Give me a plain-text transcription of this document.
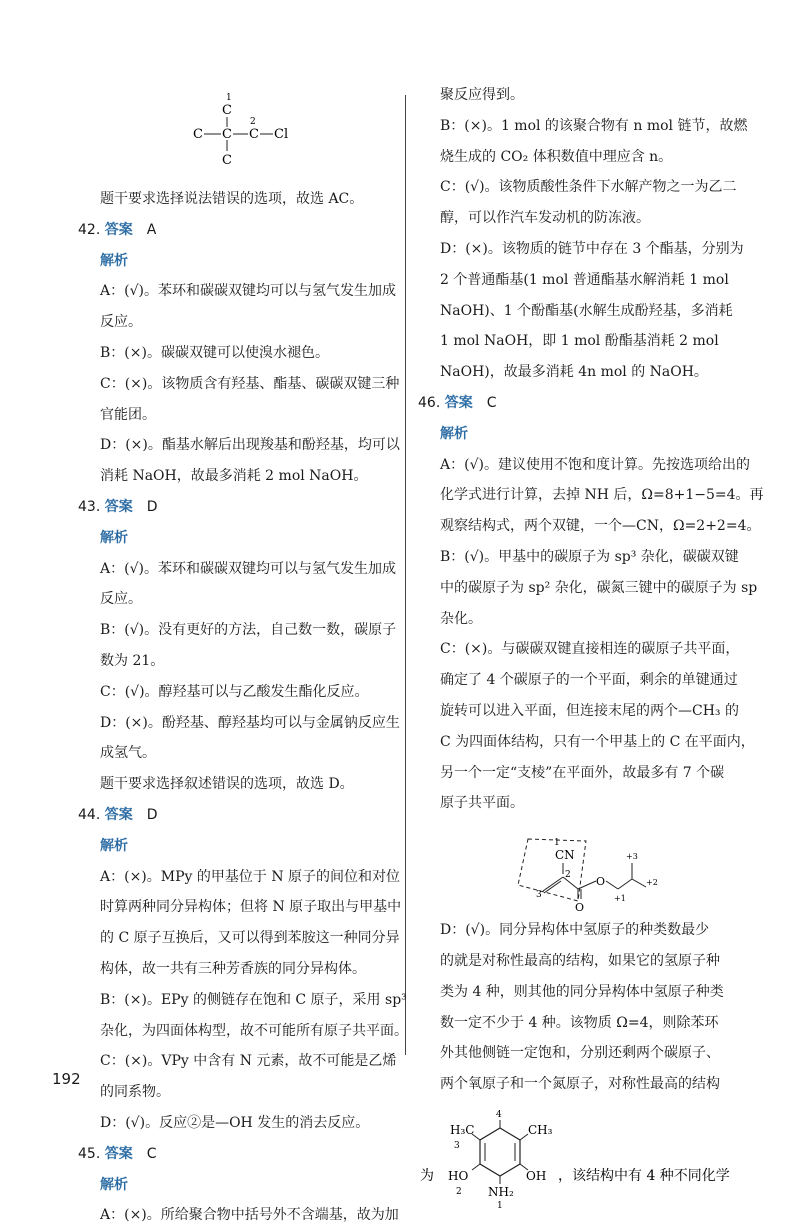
1
C
C C
2
C Cl
C
题干要求选择说法错误的选项，故选 AC。
42. 答案  A
解析
A：(√)。苯环和碳碳双键均可以与氢气发生加成
反应。
B：(×)。碳碳双键可以使溴水褪色。
C：(×)。该物质含有羟基、酯基、碳碳双键三种
官能团。
D：(×)。酯基水解后出现羧基和酚羟基，均可以
消耗 NaOH，故最多消耗 2 mol NaOH。
43. 答案  D
解析
A：(√)。苯环和碳碳双键均可以与氢气发生加成
反应。
B：(√)。没有更好的方法，自己数一数，碳原子
数为 21。
C：(√)。醇羟基可以与乙酸发生酯化反应。
D：(×)。酚羟基、醇羟基均可以与金属钠反应生
成氢气。
题干要求选择叙述错误的选项，故选 D。
44. 答案  D
解析
A：(×)。MPy 的甲基位于 N 原子的间位和对位
时算两种同分异构体；但将 N 原子取出与甲基中
的 C 原子互换后，又可以得到苯胺这一种同分异
构体，故一共有三种芳香族的同分异构体。
B：(×)。EPy 的侧链存在饱和 C 原子，采用 sp³
杂化，为四面体构型，故不可能所有原子共平面。
C：(×)。VPy 中含有 N 元素，故不可能是乙烯
的同系物。
D：(√)。反应②是—OH 发生的消去反应。
45. 答案  C
解析
A：(×)。所给聚合物中括号外不含端基，故为加
聚反应得到。
B：(×)。1 mol 的该聚合物有 n mol 链节，故燃
烧生成的 CO₂ 体积数值中理应含 n。
C：(√)。该物质酸性条件下水解产物之一为乙二
醇，可以作汽车发动机的防冻液。
D：(×)。该物质的链节中存在 3 个酯基，分别为
2 个普通酯基(1 mol 普通酯基水解消耗 1 mol
NaOH)、1 个酚酯基(水解生成酚羟基，多消耗
1 mol NaOH，即 1 mol 酚酯基消耗 2 mol
NaOH)，故最多消耗 4n mol 的 NaOH。
46. 答案  C
解析
A：(√)。建议使用不饱和度计算。先按选项给出的
化学式进行计算，去掉 NH 后，Ω=8+1−5=4。再
观察结构式，两个双键，一个—CN，Ω=2+2=4。
B：(√)。甲基中的碳原子为 sp³ 杂化，碳碳双键
中的碳原子为 sp² 杂化，碳氮三键中的碳原子为 sp
杂化。
C：(×)。与碳碳双键直接相连的碳原子共平面，
确定了 4 个碳原子的一个平面，剩余的单键通过
旋转可以进入平面，但连接末尾的两个—CH₃ 的
C 为四面体结构，只有一个甲基上的 C 在平面内，
另一个一定“支棱”在平面外，故最多有 7 个碳
原子共平面。
1
CN
2
3
O
O
+1
+3
+2
D：(√)。同分异构体中氢原子的种类数最少
的就是对称性最高的结构，如果它的氢原子种
类为 4 种，则其他的同分异构体中氢原子种类
数一定不少于 4 种。该物质 Ω=4，则除苯环
外其他侧链一定饱和，分别还剩两个碳原子、
两个氧原子和一个氮原子，对称性最高的结构
为
4
H₃C
3
CH₃
HO
2
OH
NH₂
1
，该结构中有 4 种不同化学
192
